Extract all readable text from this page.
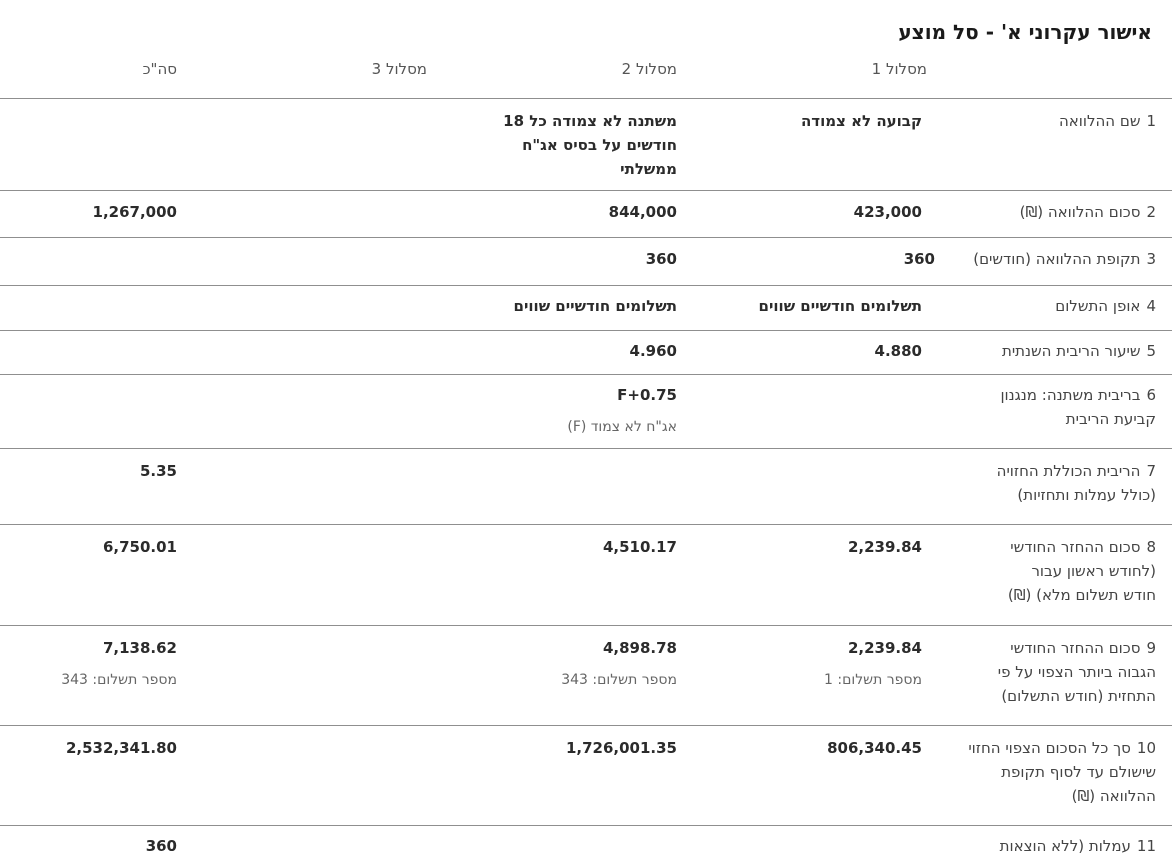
אישור עקרוני א' - סל מוצע
מסלול 1
מסלול 2
מסלול 3
סה"כ
1שם ההלוואה
קבועה לא צמודה
משתנה לא צמודה כל 18 חודשים על בסיס אג"ח ממשלתי
2סכום ההלוואה (₪)
423,000
844,000
1,267,000
3תקופת ההלוואה (חודשים)
360
360
4אופן התשלום
תשלומים חודשיים שווים
תשלומים חודשיים שווים
5שיעור הריבית השנתית
4.880
4.960
6בריבית משתנה: מנגנון
קביעת הריבית
F+0.75
אג"ח לא צמוד (F)
7הריבית הכוללת החזויה
(כולל עמלות ותחזיות)
5.35
8סכום ההחזר החודשי
(לחודש ראשון עבור
חודש תשלום מלא) (₪)
2,239.84
4,510.17
6,750.01
9סכום ההחזר החודשי
הגבוה ביותר הצפוי על פי
התחזית (חודש התשלום)
2,239.84
מספר תשלום: 1
4,898.78
מספר תשלום: 343
7,138.62
מספר תשלום: 343
10סך כל הסכום הצפוי החזוי
שישולם עד לסוף תקופת
ההלוואה (₪)
806,340.45
1,726,001.35
2,532,341.80
11עמלות (ללא הוצאות
360
